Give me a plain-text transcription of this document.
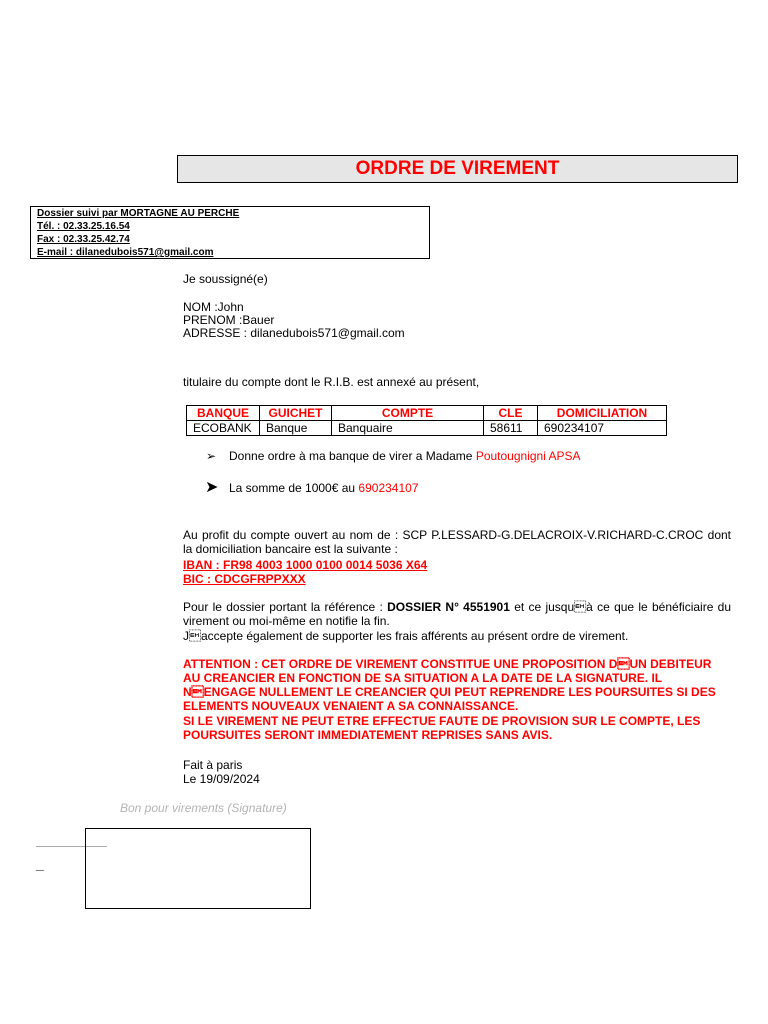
ORDRE DE VIREMENT
Dossier suivi par MORTAGNE AU PERCHE
Tél. : 02.33.25.16.54
Fax : 02.33.25.42.74
E-mail : dilanedubois571@gmail.com
Je soussigné(e)
NOM :John
PRENOM :Bauer
ADRESSE : dilanedubois571@gmail.com
titulaire du compte dont le R.I.B. est annexé au présent,
BANQUE	GUICHET	COMPTE	CLE	DOMICILIATION
ECOBANK	Banque	Banquaire	58611	690234107
➢ Donne ordre à ma banque de virer a Madame Poutougnigni APSA
➤ La somme de 1000€ au 690234107
Au profit du compte ouvert au nom de : SCP P.LESSARD-G.DELACROIX-V.RICHARD-C.CROC dont la domiciliation bancaire est la suivante :
IBAN : FR98 4003 1000 0100 0014 5036 X64
BIC : CDCGFRPPXXX
Pour le dossier portant la référence : DOSSIER N° 4551901 et ce jusquà ce que le bénéficiaire du virement ou moi-même en notifie la fin.
Jaccepte également de supporter les frais afférents au présent ordre de virement.
ATTENTION : CET ORDRE DE VIREMENT CONSTITUE UNE PROPOSITION DUN DEBITEUR AU CREANCIER EN FONCTION DE SA SITUATION A LA DATE DE LA SIGNATURE. IL NENGAGE NULLEMENT LE CREANCIER QUI PEUT REPRENDRE LES POURSUITES SI DES ELEMENTS NOUVEAUX VENAIENT A SA CONNAISSANCE.
SI LE VIREMENT NE PEUT ETRE EFFECTUE FAUTE DE PROVISION SUR LE COMPTE, LES POURSUITES SERONT IMMEDIATEMENT REPRISES SANS AVIS.
Fait à paris
Le 19/09/2024
Bon pour virements (Signature)
_
